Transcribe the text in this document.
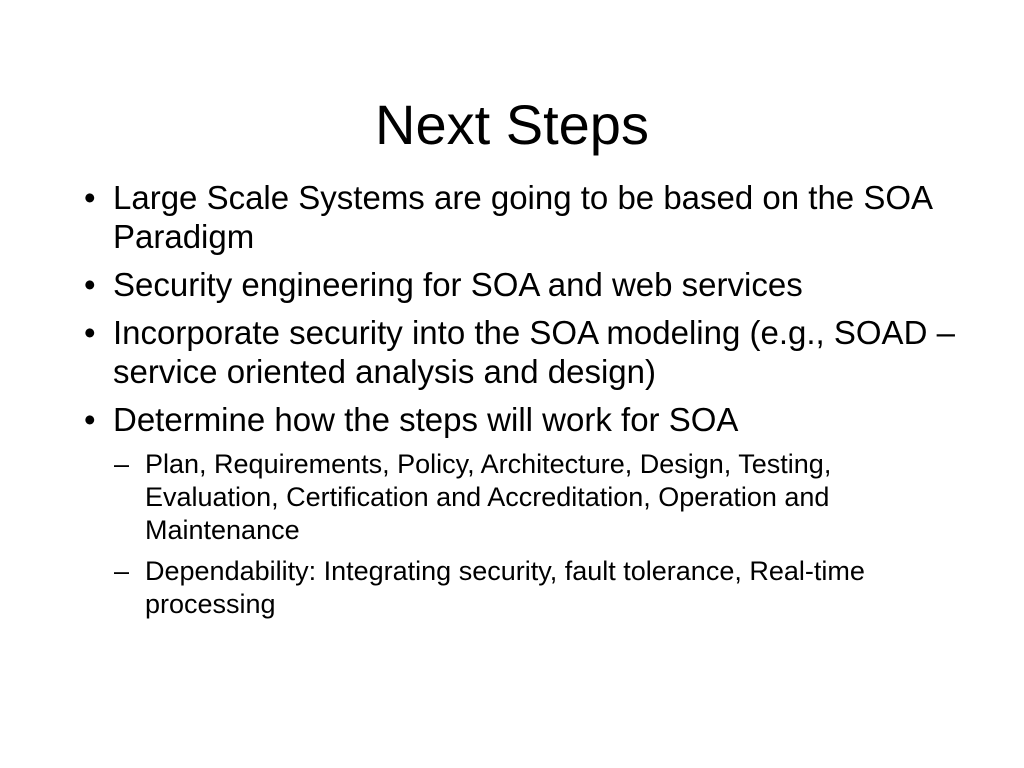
Next Steps
• Large Scale Systems are going to be based on the SOA Paradigm
• Security engineering for SOA and web services
• Incorporate security into the SOA modeling (e.g., SOAD – service oriented analysis and design)
• Determine how the steps will work for SOA
– Plan, Requirements, Policy, Architecture, Design, Testing, Evaluation, Certification and Accreditation, Operation and Maintenance
– Dependability: Integrating security, fault tolerance, Real-time processing
